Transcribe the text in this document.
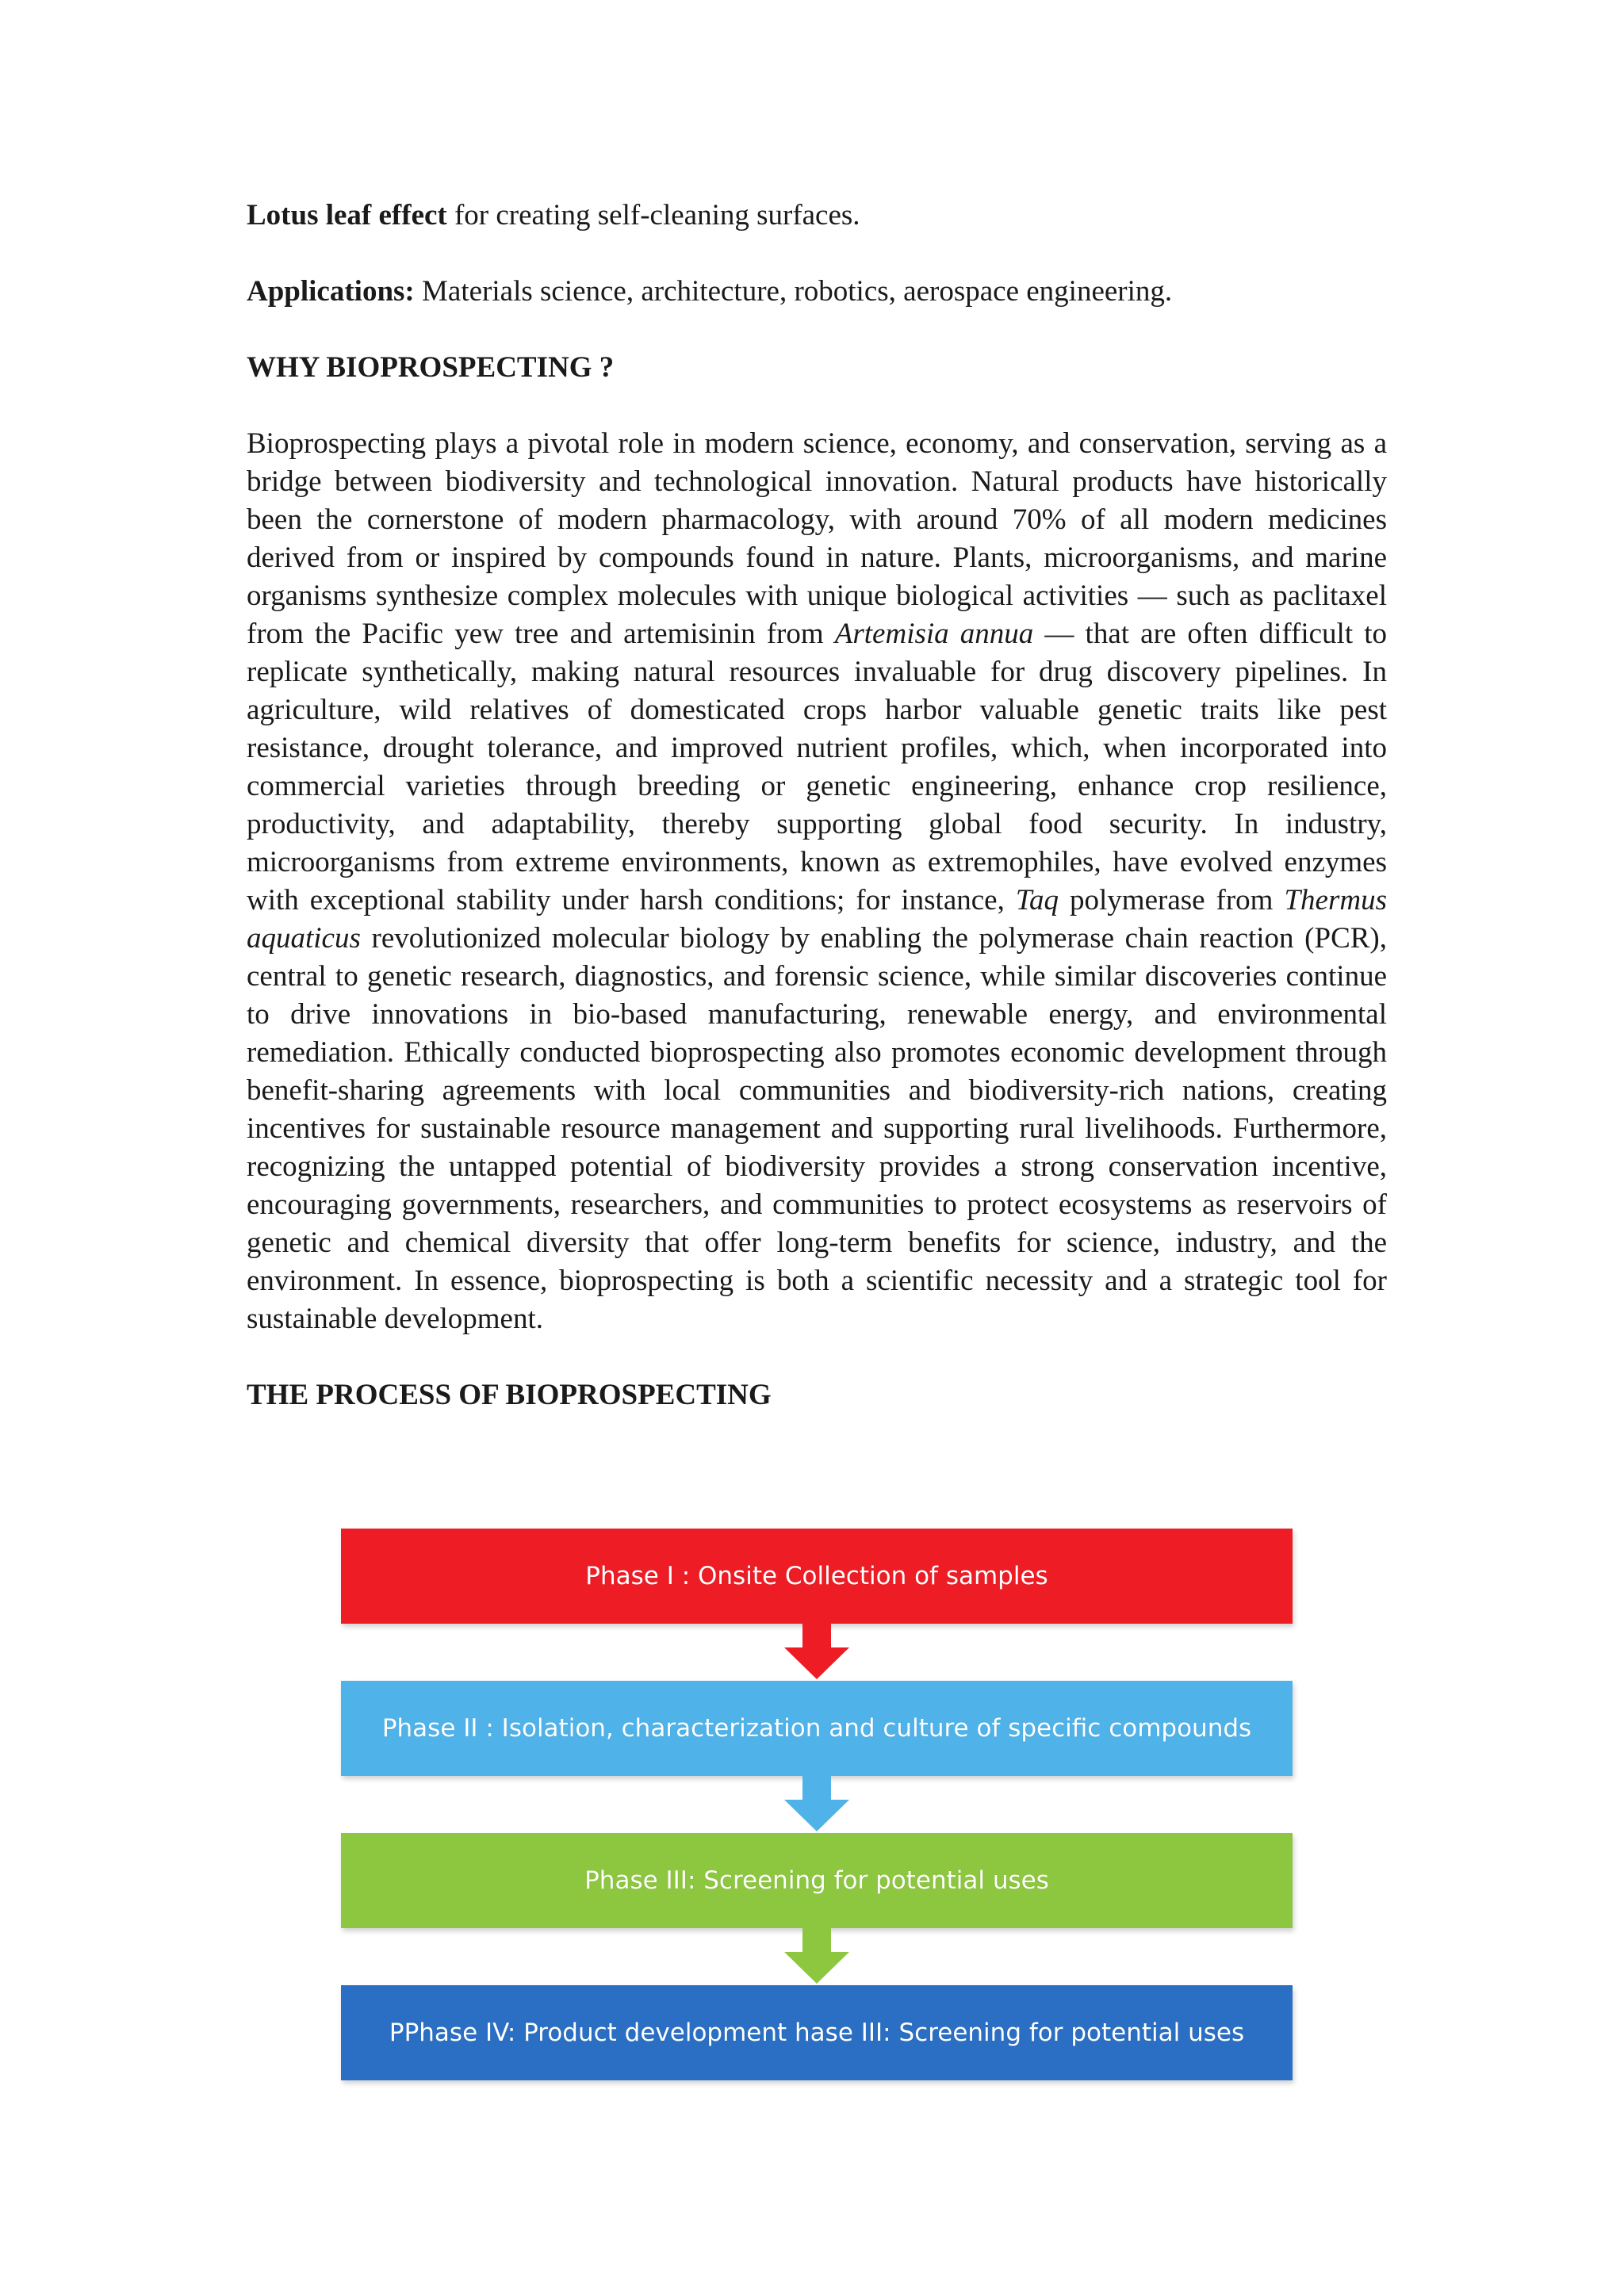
Lotus leaf effect for creating self-cleaning surfaces.

Applications: Materials science, architecture, robotics, aerospace engineering.

WHY BIOPROSPECTING ?

Bioprospecting plays a pivotal role in modern science, economy, and conservation, serving as a bridge between biodiversity and technological innovation. Natural products have historically been the cornerstone of modern pharmacology, with around 70% of all modern medicines derived from or inspired by compounds found in nature. Plants, microorganisms, and marine organisms synthesize complex molecules with unique biological activities — such as paclitaxel from the Pacific yew tree and artemisinin from Artemisia annua — that are often difficult to replicate synthetically, making natural resources invaluable for drug discovery pipelines. In agriculture, wild relatives of domesticated crops harbor valuable genetic traits like pest resistance, drought tolerance, and improved nutrient profiles, which, when incorporated into commercial varieties through breeding or genetic engineering, enhance crop resilience, productivity, and adaptability, thereby supporting global food security. In industry, microorganisms from extreme environments, known as extremophiles, have evolved enzymes with exceptional stability under harsh conditions; for instance, Taq polymerase from Thermus aquaticus revolutionized molecular biology by enabling the polymerase chain reaction (PCR), central to genetic research, diagnostics, and forensic science, while similar discoveries continue to drive innovations in bio-based manufacturing, renewable energy, and environmental remediation. Ethically conducted bioprospecting also promotes economic development through benefit-sharing agreements with local communities and biodiversity-rich nations, creating incentives for sustainable resource management and supporting rural livelihoods. Furthermore, recognizing the untapped potential of biodiversity provides a strong conservation incentive, encouraging governments, researchers, and communities to protect ecosystems as reservoirs of genetic and chemical diversity that offer long-term benefits for science, industry, and the environment. In essence, bioprospecting is both a scientific necessity and a strategic tool for sustainable development.

THE PROCESS OF BIOPROSPECTING
Phase I : Onsite Collection of samples
Phase II : Isolation, characterization and culture of specific compounds
Phase III: Screening for potential uses
PPhase IV: Product development hase III: Screening for potential uses
